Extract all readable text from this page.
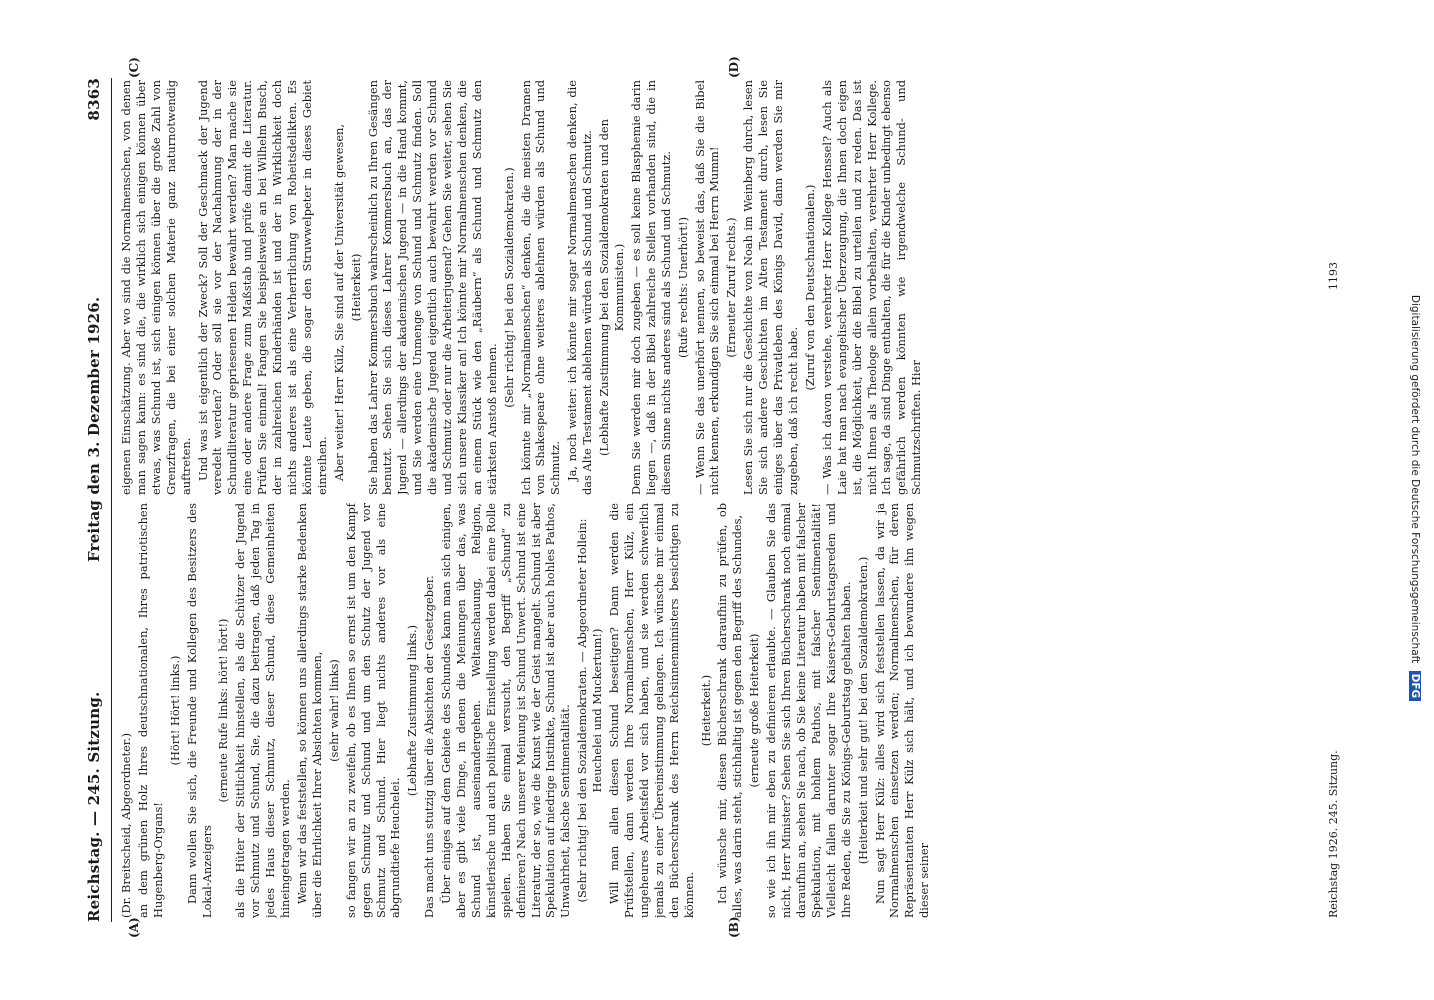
Reichstag. — 245. Sitzung.
Freitag den 3. Dezember 1926.
8363
(A)	(B)
(C)	(D)

(Dr. Breitscheid, Abgeordneter.) an dem grünen Holz Ihres deutschnationalen, Ihres patriotischen Hugenberg-Organs!

(Hört! Hört! links.) Dann wollen Sie sich, die Freunde und Kollegen des Besitzers des Lokal-Anzeigers

(erneute Rufe links: hört! hört!) als die Hüter der Sittlichkeit hinstellen, als die Schützer der Jugend vor Schmutz und Schund, Sie, die dazu beitragen, daß jeden Tag in jedes Haus dieser Schmutz, dieser Schund, diese Gemeinheiten hineingetragen werden. Wenn wir das feststellen, so können uns allerdings starke Bedenken über die Ehrlichkeit Ihrer Absichten kommen, (sehr wahr! links) so fangen wir an zu zweifeln, ob es Ihnen so ernst ist um den Kampf gegen Schmutz und Schund und um den Schutz der Jugend vor Schmutz und Schund. Hier liegt nichts anderes vor als eine abgrundtiefe Heuchelei.

(Lebhafte Zustimmung links.) Das macht uns stutzig über die Absichten der Gesetzgeber. Über einiges auf dem Gebiete des Schundes kann man sich einigen, aber es gibt viele Dinge, in denen die Meinungen über das, was Schund ist, auseinandergehen. Weltanschauung, Religion, künstlerische und auch politische Einstellung werden dabei eine Rolle spielen. Haben Sie einmal versucht, den Begriff „Schund“ zu definieren? Nach unserer Meinung ist Schund Unwert. Schund ist eine Literatur, der so, wie die Kunst wie der Geist mangelt. Schund ist aber Spekulation auf niedrige Instinkte, Schund ist aber auch hohles Pathos, Unwahrheit, falsche Sentimentalität. (Sehr richtig! bei den Sozialdemokraten. — Abgeordneter Hollein: Heuchelei und Muckertum!) Will man allen diesen Schund beseitigen? Dann werden die Prüfstellen, dann werden Ihre Normalmenschen, Herr Külz, ein ungeheures Arbeitsfeld vor sich haben, und sie werden schwerlich jemals zu einer Übereinstimmung gelangen. Ich wünsche mir einmal den Bücherschrank des Herrn Reichsinnenministers besichtigen zu können.

(Heiterkeit.) Ich wünsche mir, diesen Bücherschrank daraufhin zu prüfen, ob alles, was darin steht, stichhaltig ist gegen den Begriff des Schundes, (erneute große Heiterkeit) so wie ich ihn mir eben zu definieren erlaubte. — Glauben Sie das nicht, Herr Minister? Sehen Sie sich Ihren Bücherschrank noch einmal daraufhin an, sehen Sie nach, ob Sie keine Literatur haben mit falscher Spekulation, mit hohlem Pathos, mit falscher Sentimentalität! Vielleicht fallen darunter sogar Ihre Kaisers-Geburtstagsreden und Ihre Reden, die Sie zu Königs-Geburtstag gehalten haben. (Heiterkeit und sehr gut! bei den Sozialdemokraten.) Nun sagt Herr Külz: alles wird sich feststellen lassen, da wir ja Normalmenschen einsetzen werden; Normalmenschen, für deren Repräsentanten Herr Külz sich hält, und ich bewundere ihn wegen dieser seiner

eigenen Einschätzung. Aber wo sind die Normalmenschen, von denen man sagen kann: es sind die, die wirklich sich einigen können über etwas, was Schund ist, sich einigen können über die große Zahl von Grenzfragen, die bei einer solchen Materie ganz naturnotwendig auftreten. Und was ist eigentlich der Zweck? Soll der Geschmack der Jugend veredelt werden? Oder soll sie vor der Nachahmung der in der Schundliteratur gepriesenen Helden bewahrt werden? Man mache sie eine oder andere Frage zum Maßstab und prüfe damit die Literatur. Prüfen Sie einmal! Fangen Sie beispielsweise an bei Wilhelm Busch, der in zahlreichen Kinderhänden ist und der in Wirklichkeit doch nichts anderes ist als eine Verherrlichung von Roheitsdelikten. Es könnte Leute geben, die sogar den Struwwelpeter in dieses Gebiet einreihen. Aber weiter! Herr Külz, Sie sind auf der Universität gewesen, (Heiterkeit) Sie haben das Lahrer Kommersbuch wahrscheinlich zu Ihren Gesängen benutzt. Sehen Sie sich dieses Lahrer Kommersbuch an, das der Jugend — allerdings der akademischen Jugend — in die Hand kommt, und Sie werden eine Unmenge von Schund und Schmutz finden. Soll die akademische Jugend eigentlich auch bewahrt werden vor Schund und Schmutz oder nur die Arbeiterjugend? Gehen Sie weiter, sehen Sie sich unsere Klassiker an! Ich könnte mir Normalmenschen denken, die an einem Stück wie den „Räubern“ als Schund und Schmutz den stärksten Anstoß nehmen.

(Sehr richtig! bei den Sozialdemokraten.) Ich könnte mir „Normalmenschen“ denken, die die meisten Dramen von Shakespeare ohne weiteres ablehnen würden als Schund und Schmutz. Ja, noch weiter: ich könnte mir sogar Normalmenschen denken, die das Alte Testament ablehnen würden als Schund und Schmutz. (Lebhafte Zustimmung bei den Sozialdemokraten und den Kommunisten.) Denn Sie werden mir doch zugeben — es soll keine Blasphemie darin liegen —, daß in der Bibel zahlreiche Stellen vorhanden sind, die in diesem Sinne nichts anderes sind als Schund und Schmutz. (Rufe rechts: Unerhört!) — Wenn Sie das unerhört nennen, so beweist das, daß Sie die Bibel nicht kennen, erkundigen Sie sich einmal bei Herrn Mumm! (Erneuter Zuruf rechts.) Lesen Sie sich nur die Geschichte von Noah im Weinberg durch, lesen Sie sich andere Geschichten im Alten Testament durch, lesen Sie einiges über das Privatleben des Königs David, dann werden Sie mir zugeben, daß ich recht habe.

(Zuruf von den Deutschnationalen.) — Was ich davon verstehe, verehrter Herr Kollege Henssel? Auch als Laie hat man nach evangelischer Überzeugung, die Ihnen doch eigen ist, die Möglichkeit, über die Bibel zu urteilen und zu reden. Das ist nicht Ihnen als Theologe allein vorbehalten, verehrter Herr Kollege. Ich sage, da sind Dinge enthalten, die für die Kinder unbedingt ebenso gefährlich werden könnten wie irgendwelche Schund- und Schmutzschriften. Hier

Reichstag 1926. 245. Sitzung.
1193
Digitalisierung gefördert durch die Deutsche Forschungsgemeinschaft DFG
